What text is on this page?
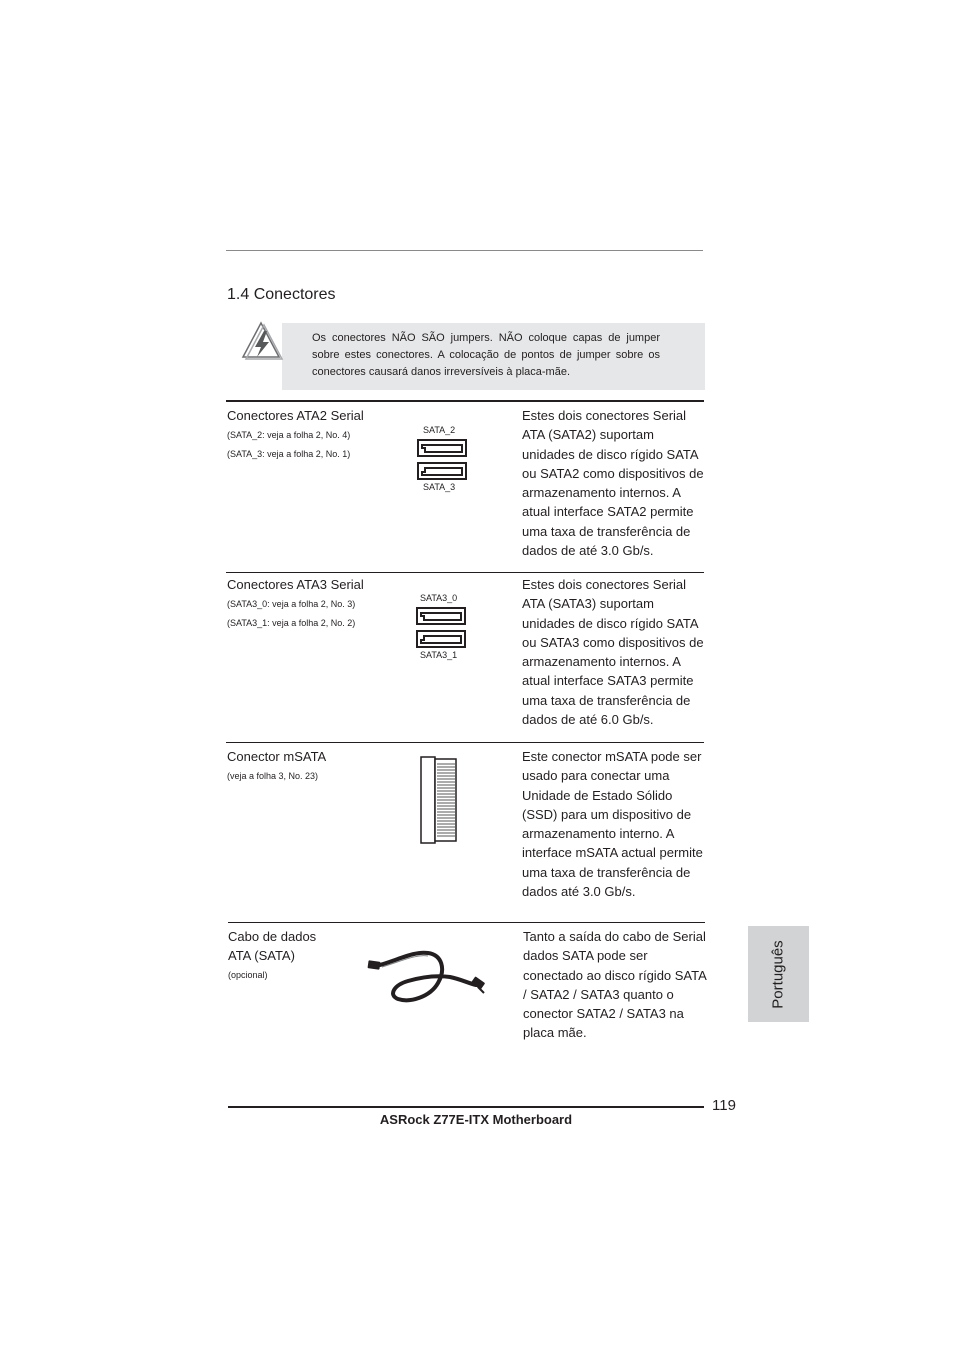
1.4 Conectores
Os conectores NÃO SÃO jumpers. NÃO coloque capas de jumper
sobre estes conectores. A colocação de pontos de jumper sobre os
conectores causará danos irreversíveis à placa-mãe.
Conectores ATA2 Serial
(SATA_2: veja a folha 2, No. 4)
(SATA_3: veja a folha 2, No. 1)
SATA_2
SATA_3
Estes dois conectores Serial
ATA (SATA2) suportam
unidades de disco rígido SATA
ou SATA2 como dispositivos de
armazenamento internos. A
atual interface SATA2 permite
uma taxa de transferência de
dados de até 3.0 Gb/s.
Conectores ATA3 Serial
(SATA3_0: veja a folha 2, No. 3)
(SATA3_1: veja a folha 2, No. 2)
SATA3_0
SATA3_1
Estes dois conectores Serial
ATA (SATA3) suportam
unidades de disco rígido SATA
ou SATA3 como dispositivos de
armazenamento internos. A
atual interface SATA3 permite
uma taxa de transferência de
dados de até 6.0 Gb/s.
Conector mSATA
(veja a folha 3, No. 23)
Este conector mSATA pode ser
usado para conectar uma
Unidade de Estado Sólido
(SSD) para um dispositivo de
armazenamento interno. A
interface mSATA actual permite
uma taxa de transferência de
dados até 3.0 Gb/s.
Cabo de dados
ATA (SATA)
(opcional)
Tanto a saída do cabo de Serial
dados SATA pode ser
conectado ao disco rígido SATA
/ SATA2 / SATA3 quanto o
conector SATA2 / SATA3 na
placa mãe.
Português
119
ASRock Z77E-ITX Motherboard
